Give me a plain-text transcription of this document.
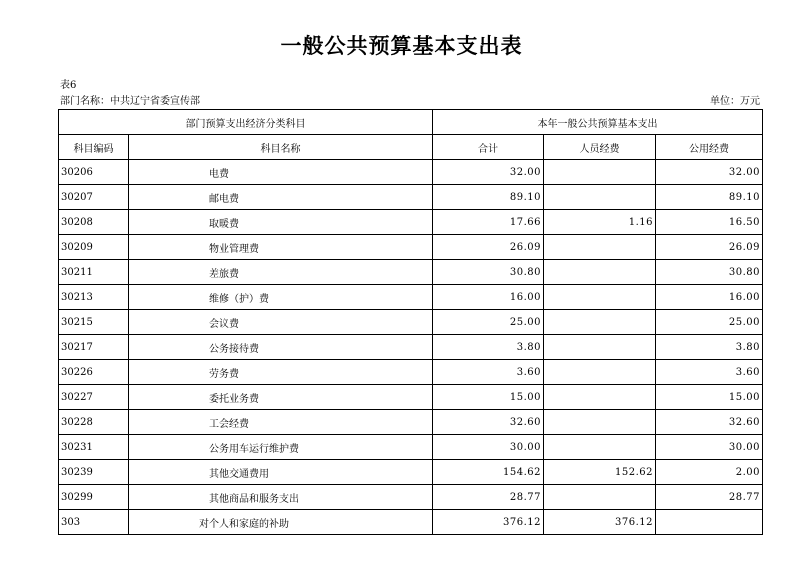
一般公共预算基本支出表
表6
部门名称：中共辽宁省委宣传部	单位：万元
部门预算支出经济分类科目		本年一般公共预算基本支出		
科目编码	科目名称	合计	人员经费	公用经费
30206	电费	32.00		32.00
30207	邮电费	89.10		89.10
30208	取暖费	17.66	1.16	16.50
30209	物业管理费	26.09		26.09
30211	差旅费	30.80		30.80
30213	维修（护）费	16.00		16.00
30215	会议费	25.00		25.00
30217	公务接待费	3.80		3.80
30226	劳务费	3.60		3.60
30227	委托业务费	15.00		15.00
30228	工会经费	32.60		32.60
30231	公务用车运行维护费	30.00		30.00
30239	其他交通费用	154.62	152.62	2.00
30299	其他商品和服务支出	28.77		28.77
303	对个人和家庭的补助	376.12	376.12	
